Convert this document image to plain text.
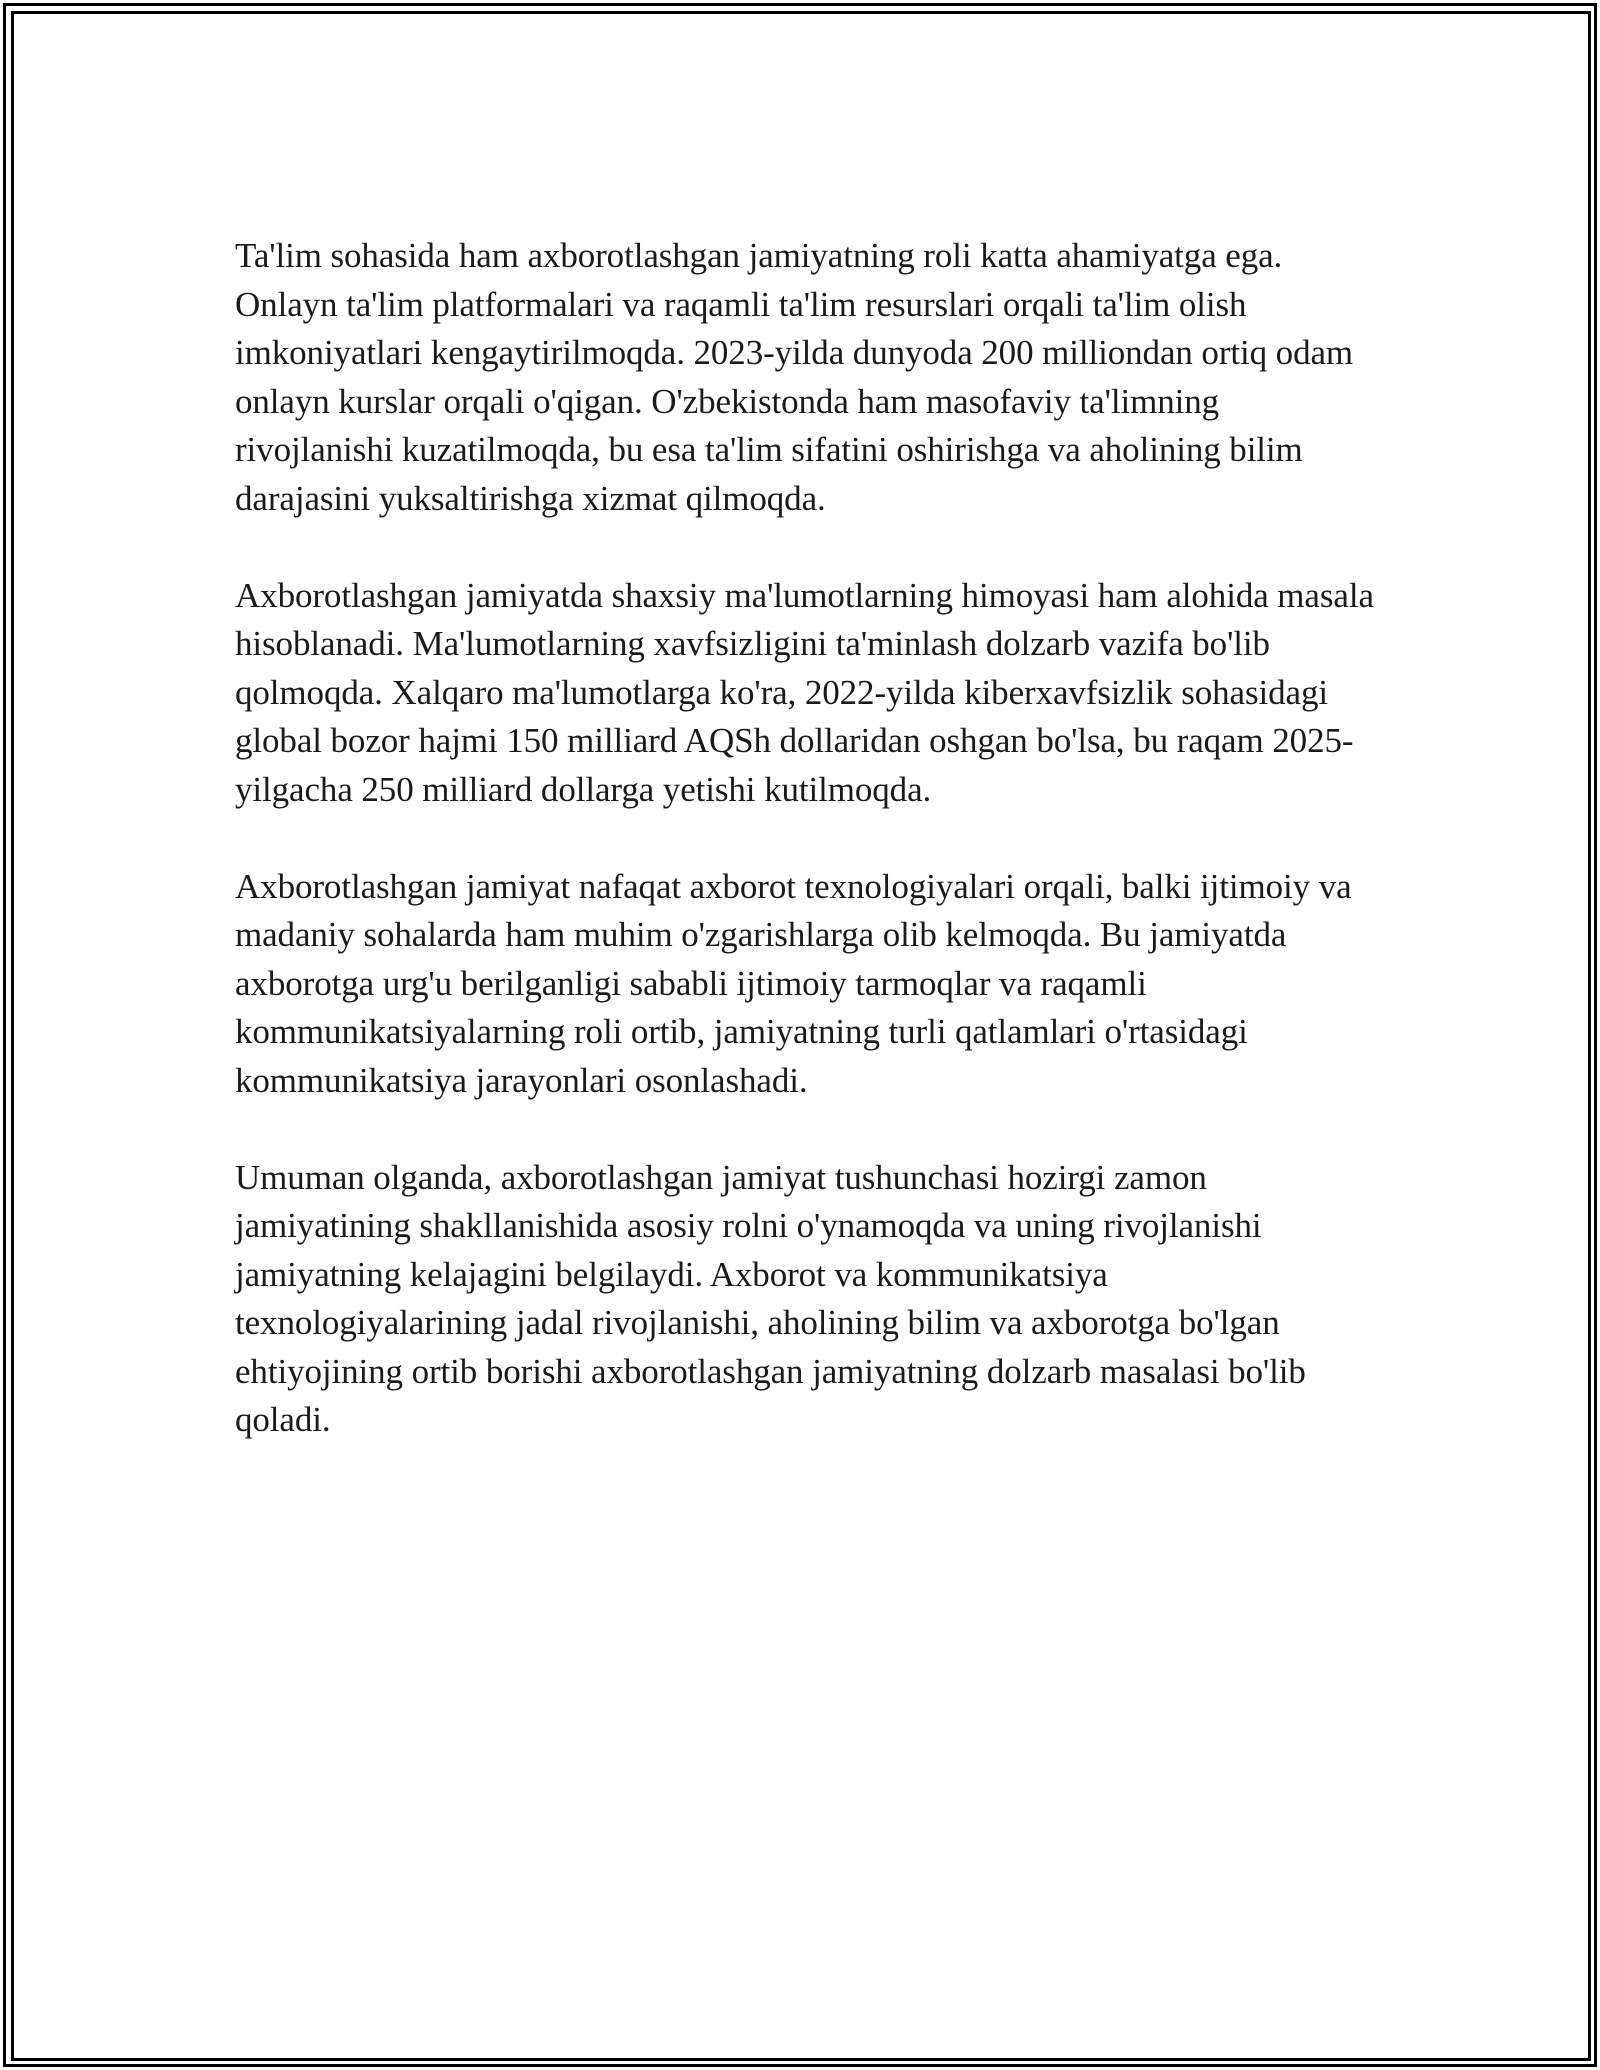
Ta'lim sohasida ham axborotlashgan jamiyatning roli katta ahamiyatga ega. Onlayn ta'lim platformalari va raqamli ta'lim resurslari orqali ta'lim olish imkoniyatlari kengaytirilmoqda. 2023-yilda dunyoda 200 milliondan ortiq odam onlayn kurslar orqali o'qigan. O'zbekistonda ham masofaviy ta'limning rivojlanishi kuzatilmoqda, bu esa ta'lim sifatini oshirishga va aholining bilim darajasini yuksaltirishga xizmat qilmoqda.

Axborotlashgan jamiyatda shaxsiy ma'lumotlarning himoyasi ham alohida masala hisoblanadi. Ma'lumotlarning xavfsizligini ta'minlash dolzarb vazifa bo'lib qolmoqda. Xalqaro ma'lumotlarga ko'ra, 2022-yilda kiberxavfsizlik sohasidagi global bozor hajmi 150 milliard AQSh dollaridan oshgan bo'lsa, bu raqam 2025-yilgacha 250 milliard dollarga yetishi kutilmoqda.

Axborotlashgan jamiyat nafaqat axborot texnologiyalari orqali, balki ijtimoiy va madaniy sohalarda ham muhim o'zgarishlarga olib kelmoqda. Bu jamiyatda axborotga urg'u berilganligi sababli ijtimoiy tarmoqlar va raqamli kommunikatsiyalarning roli ortib, jamiyatning turli qatlamlari o'rtasidagi kommunikatsiya jarayonlari osonlashadi.

Umuman olganda, axborotlashgan jamiyat tushunchasi hozirgi zamon jamiyatining shakllanishida asosiy rolni o'ynamoqda va uning rivojlanishi jamiyatning kelajagini belgilaydi. Axborot va kommunikatsiya texnologiyalarining jadal rivojlanishi, aholining bilim va axborotga bo'lgan ehtiyojining ortib borishi axborotlashgan jamiyatning dolzarb masalasi bo'lib qoladi.
